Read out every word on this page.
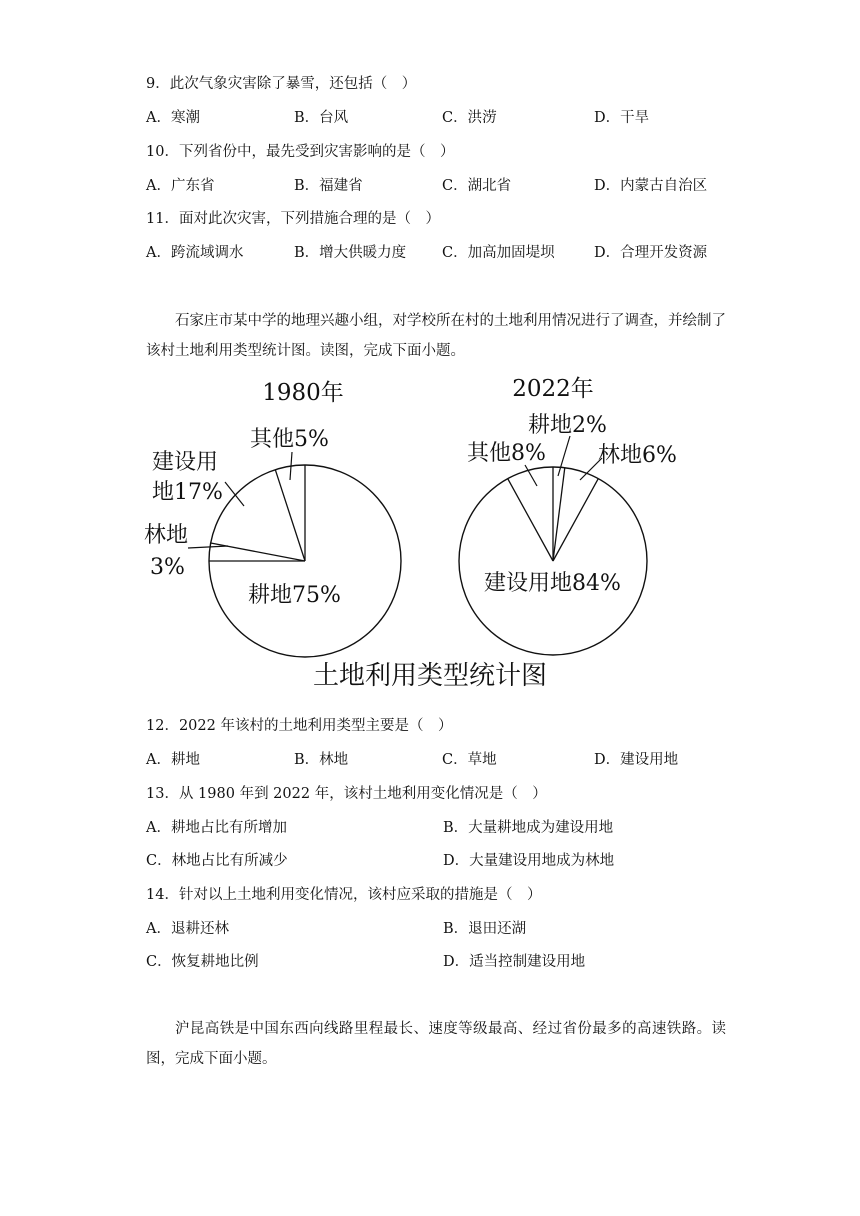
9．此次气象灾害除了暴雪，还包括（　）
A．寒潮	B．台风	C．洪涝	D．干旱
10．下列省份中，最先受到灾害影响的是（　）
A．广东省	B．福建省	C．湖北省	D．内蒙古自治区
11．面对此次灾害，下列措施合理的是（　）
A．跨流域调水	B．增大供暖力度 C．加高加固堤坝	D．合理开发资源
石家庄市某中学的地理兴趣小组，对学校所在村的土地利用情况进行了调查，并绘制了该村土地利用类型统计图。读图，完成下面小题。
1980年
其他5%
建设用
地17%
林地
3%
耕地75%
2022年
耕地2%
其他8% 林地6%
建设用地84%
土地利用类型统计图
12．2022 年该村的土地利用类型主要是（　）
A．耕地	B．林地	C．草地	D．建设用地
13．从 1980 年到 2022 年，该村土地利用变化情况是（　）
A．耕地占比有所增加	B．大量耕地成为建设用地
C．林地占比有所减少	D．大量建设用地成为林地
14．针对以上土地利用变化情况，该村应采取的措施是（　）
A．退耕还林	B．退田还湖
C．恢复耕地比例	D．适当控制建设用地
沪昆高铁是中国东西向线路里程最长、速度等级最高、经过省份最多的高速铁路。读图，完成下面小题。
